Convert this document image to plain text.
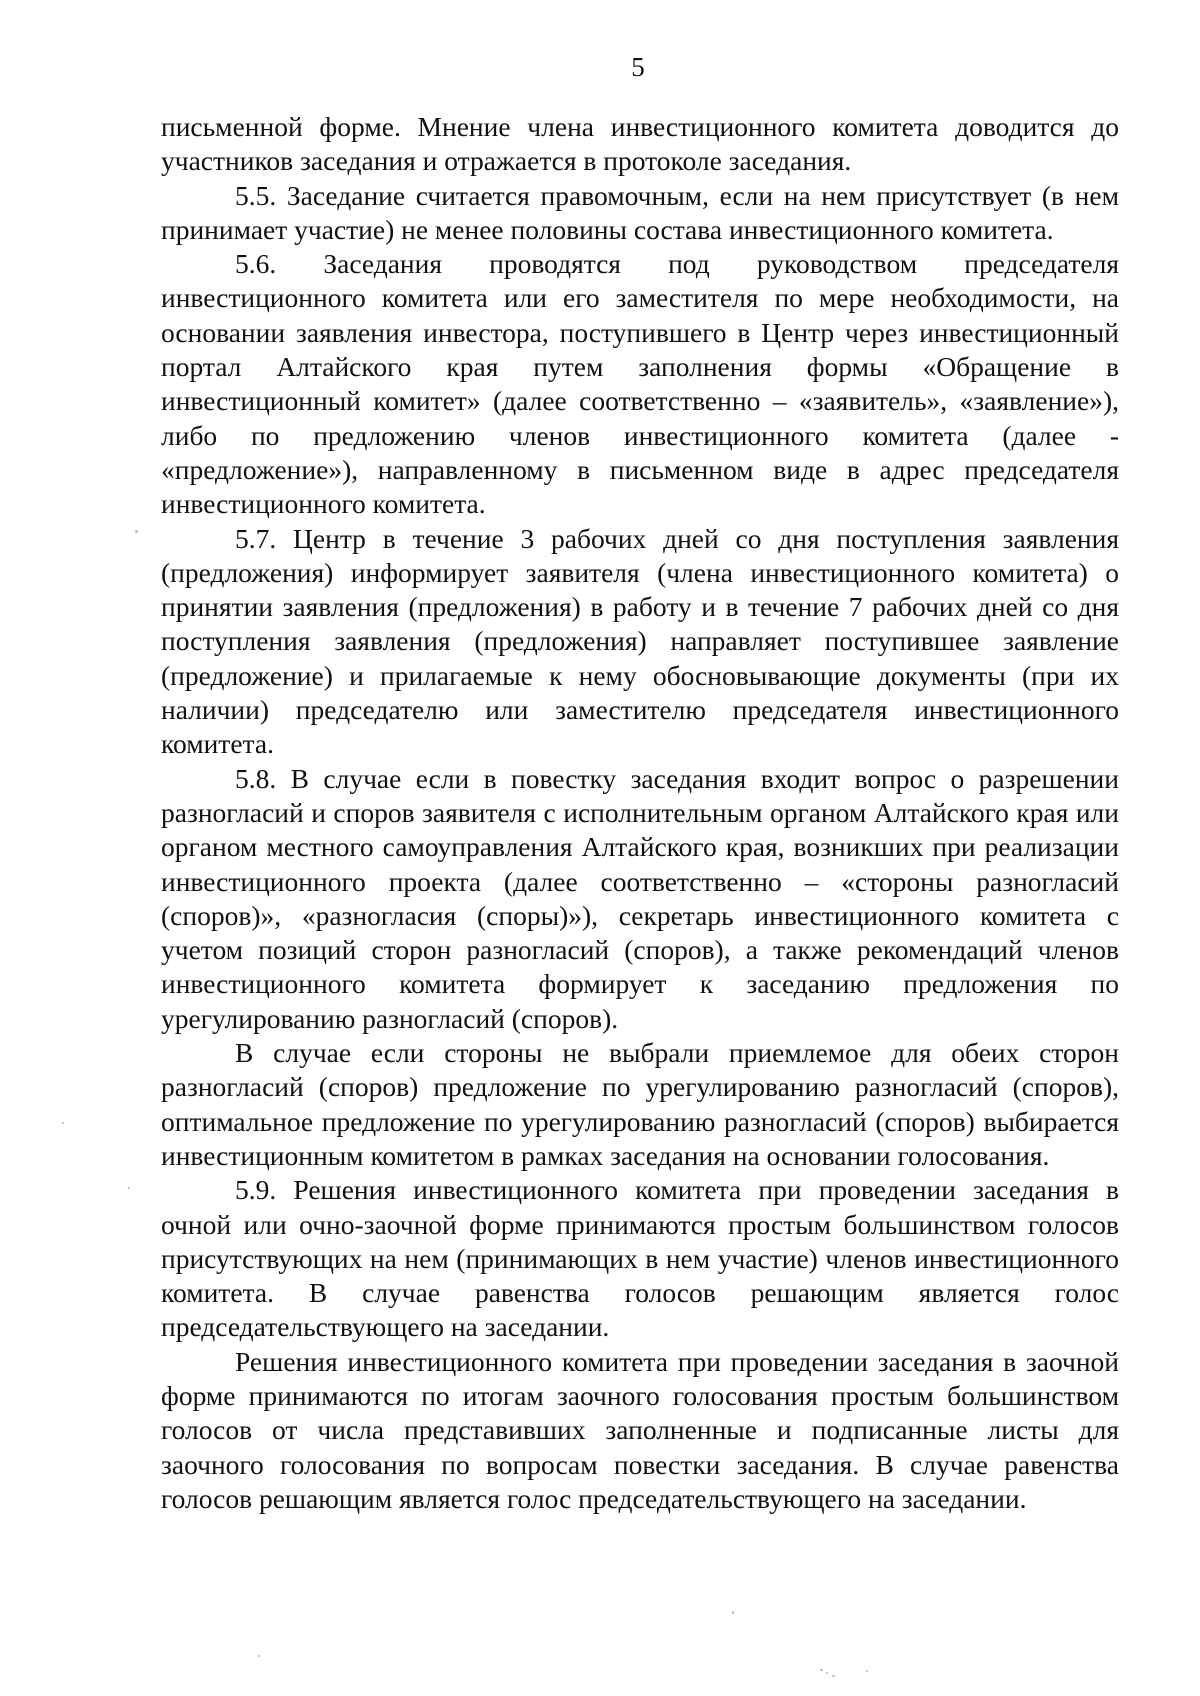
5

письменной форме. Мнение члена инвестиционного комитета доводится до участников заседания и отражается в протоколе заседания.

5.5. Заседание считается правомочным, если на нем присутствует (в нем принимает участие) не менее половины состава инвестиционного комитета.

5.6. Заседания проводятся под руководством председателя инвестиционного комитета или его заместителя по мере необходимости, на основании заявления инвестора, поступившего в Центр через инвестиционный портал Алтайского края путем заполнения формы «Обращение в инвестиционный комитет» (далее соответственно – «заявитель», «заявление»), либо по предложению членов инвестиционного комитета (далее - «предложение»), направленному в письменном виде в адрес председателя инвестиционного комитета.

5.7. Центр в течение 3 рабочих дней со дня поступления заявления (предложения) информирует заявителя (члена инвестиционного комитета) о принятии заявления (предложения) в работу и в течение 7 рабочих дней со дня поступления заявления (предложения) направляет поступившее заявление (предложение) и прилагаемые к нему обосновывающие документы (при их наличии) председателю или заместителю председателя инвестиционного комитета.

5.8. В случае если в повестку заседания входит вопрос о разрешении разногласий и споров заявителя с исполнительным органом Алтайского края или органом местного самоуправления Алтайского края, возникших при реализации инвестиционного проекта (далее соответственно – «стороны разногласий (споров)», «разногласия (споры)»), секретарь инвестиционного комитета с учетом позиций сторон разногласий (споров), а также рекомендаций членов инвестиционного комитета формирует к заседанию предложения по урегулированию разногласий (споров).

В случае если стороны не выбрали приемлемое для обеих сторон разногласий (споров) предложение по урегулированию разногласий (споров), оптимальное предложение по урегулированию разногласий (споров) выбирается инвестиционным комитетом в рамках заседания на основании голосования.

5.9. Решения инвестиционного комитета при проведении заседания в очной или очно-заочной форме принимаются простым большинством голосов присутствующих на нем (принимающих в нем участие) членов инвестиционного комитета. В случае равенства голосов решающим является голос председательствующего на заседании.

Решения инвестиционного комитета при проведении заседания в заочной форме принимаются по итогам заочного голосования простым большинством голосов от числа представивших заполненные и подписанные листы для заочного голосования по вопросам повестки заседания. В случае равенства голосов решающим является голос председательствующего на заседании.
